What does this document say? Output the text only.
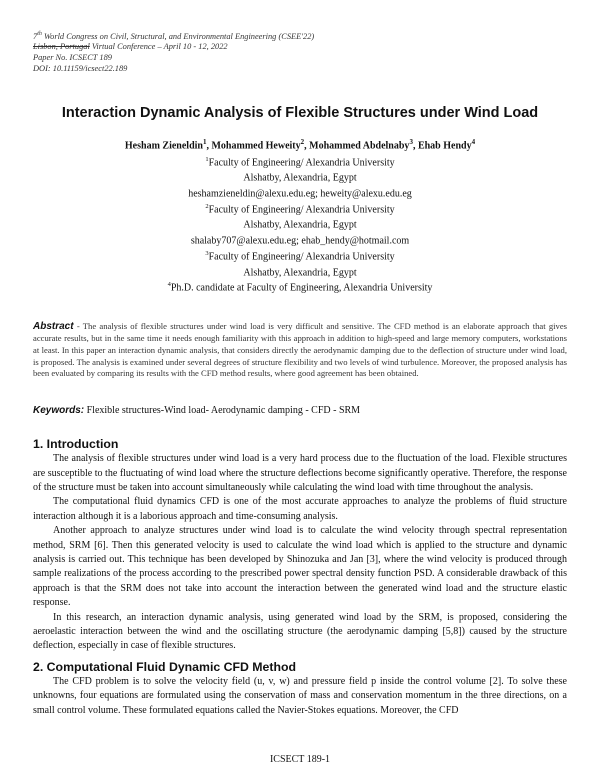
7th World Congress on Civil, Structural, and Environmental Engineering (CSEE'22)
Lisbon, Portugal Virtual Conference – April 10 - 12, 2022
Paper No. ICSECT 189
DOI: 10.11159/icsect22.189
Interaction Dynamic Analysis of Flexible Structures under Wind Load
Hesham Zieneldin$^1$, Mohammed Heweity$^2$, Mohammed Abdelnaby$^3$, Ehab Hendy$^4$
$^1$Faculty of Engineering/ Alexandria University
Alshatby, Alexandria, Egypt
heshamzieneldin@alexu.edu.eg; heweity@alexu.edu.eg
$^2$Faculty of Engineering/ Alexandria University
Alshatby, Alexandria, Egypt
shalaby707@alexu.edu.eg; ehab_hendy@hotmail.com
$^3$Faculty of Engineering/ Alexandria University
Alshatby, Alexandria, Egypt
$^4$Ph.D. candidate at Faculty of Engineering, Alexandria University
Abstract - The analysis of flexible structures under wind load is very difficult and sensitive. The CFD method is an elaborate approach that gives accurate results, but in the same time it needs enough familiarity with this approach in addition to high-speed and large memory computers, workstations at least. In this paper an interaction dynamic analysis, that considers directly the aerodynamic damping due to the deflection of structure under wind load, is proposed. The analysis is examined under several degrees of structure flexibility and two levels of wind turbulence. Moreover, the proposed analysis has been evaluated by comparing its results with the CFD method results, where good agreement has been obtained.
Keywords: Flexible structures-Wind load- Aerodynamic damping - CFD - SRM
1. Introduction

The analysis of flexible structures under wind load is a very hard process due to the fluctuation of the load. Flexible structures are susceptible to the fluctuating of wind load where the structure deflections become significantly operative. Therefore, the response of the structure must be taken into account simultaneously while calculating the wind load with time throughout the analysis.

The computational fluid dynamics CFD is one of the most accurate approaches to analyze the problems of fluid structure interaction although it is a laborious approach and time-consuming analysis.

Another approach to analyze structures under wind load is to calculate the wind velocity through spectral representation method, SRM [6]. Then this generated velocity is used to calculate the wind load which is applied to the structure and dynamic analysis is carried out. This technique has been developed by Shinozuka and Jan [3], where the wind velocity is produced through sample realizations of the process according to the prescribed power spectral density function PSD. A considerable drawback of this approach is that the SRM does not take into account the interaction between the generated wind load and the structure elastic response.

In this research, an interaction dynamic analysis, using generated wind load by the SRM, is proposed, considering the aeroelastic interaction between the wind and the oscillating structure (the aerodynamic damping [5,8]) caused by the structure deflection, especially in case of flexible structures.

2. Computational Fluid Dynamic CFD Method

The CFD problem is to solve the velocity field (u, v, w) and pressure field p inside the control volume [2]. To solve these unknowns, four equations are formulated using the conservation of mass and conservation momentum in the three directions, on a small control volume. These formulated equations called the Navier-Stokes equations. Moreover, the CFD

ICSECT 189-1
